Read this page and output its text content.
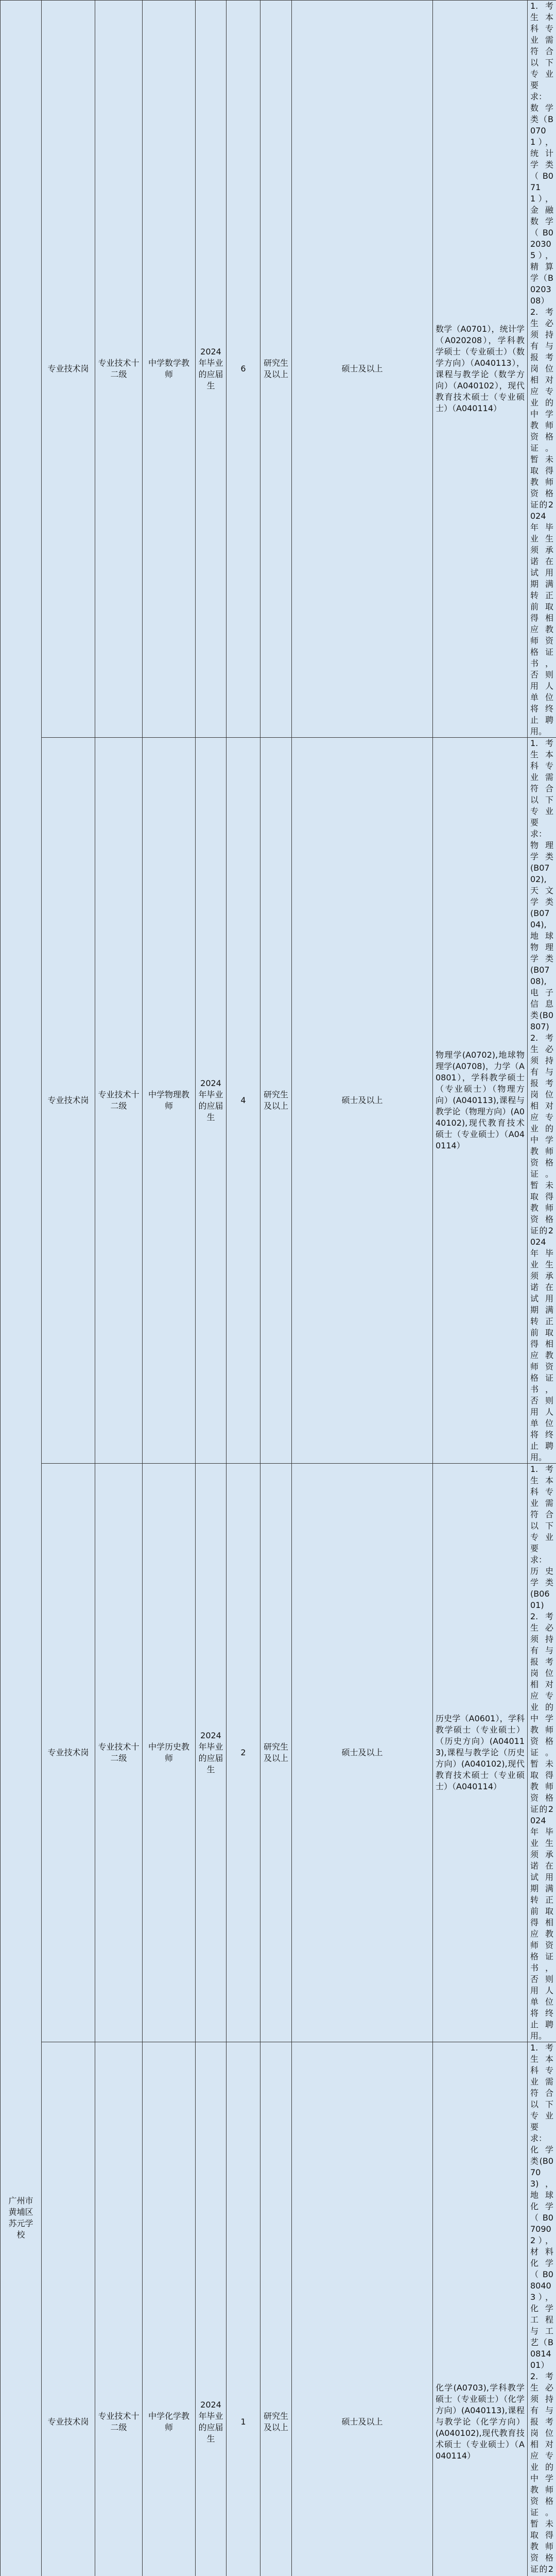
广州市黄埔区苏元学校	专业技术岗	专业技术十二级	中学数学教师	2024年毕业的应届生	6	研究生及以上	硕士及以上	数学（A0701），统计学（A020208），学科教学硕士（专业硕士）（数学方向）（A040113），课程与教学论（数学方向）（A040102），现代教育技术硕士（专业硕士）（A040114）	1.考生本科专业需符合以下专业要求：
数学类（B0701），统计学类（B0711），金融数学（B020305），精算学（B020308）
2.考生必须持有与报考岗位相对应专业的中学教师资格证。暂未取得教师资格证的2024年毕业生须承诺在试用期满转正前取得相应教师资格证书，否则用人单位将终止聘用。	

	专业技术岗	专业技术十二级	中学物理教师	2024年毕业的应届生	4	研究生及以上	硕士及以上	物理学(A0702),地球物理学(A0708)，力学（A0801），学科教学硕士（专业硕士）（物理方向）(A040113),课程与教学论（物理方向）(A040102),现代教育技术硕士（专业硕士）（A040114）	1.考生本科专业需符合以下专业要求：
物理学类(B0702),天文学类(B0704),地球物理学类(B0708),电子信息类(B0807)
2.考生必须持有与报考岗位相对应专业的中学教师资格证。暂未取得教师资格证的2024年毕业生须承诺在试用期满转正前取得相应教师资格证书，否则用人单位将终止聘用。	

	专业技术岗	专业技术十二级	中学历史教师	2024年毕业的应届生	2	研究生及以上	硕士及以上	历史学（A0601），学科教学硕士（专业硕士）（历史方向）(A040113),课程与教学论（历史方向）(A040102),现代教育技术硕士（专业硕士）（A040114）	1.考生本科专业需符合以下专业要求：
历史学类(B0601)
2.考生必须持有与报考岗位相对应专业的中学教师资格证。暂未取得教师资格证的2024年毕业生须承诺在试用期满转正前取得相应教师资格证书，否则用人单位将终止聘用。	

	专业技术岗	专业技术十二级	中学化学教师	2024年毕业的应届生	1	研究生及以上	硕士及以上	化学(A0703),学科教学硕士（专业硕士）（化学方向）(A040113),课程与教学论（化学方向）(A040102),现代教育技术硕士（专业硕士）（A040114）	1.考生本科专业需符合以下专业要求：
化学类(B0703)，地球化学（B070902），材料化学（B080403），化学工程与工艺（B081401）
2.考生必须持有与报考岗位相对应专业的中学教师资格证。暂未取得教师资格证的2	
